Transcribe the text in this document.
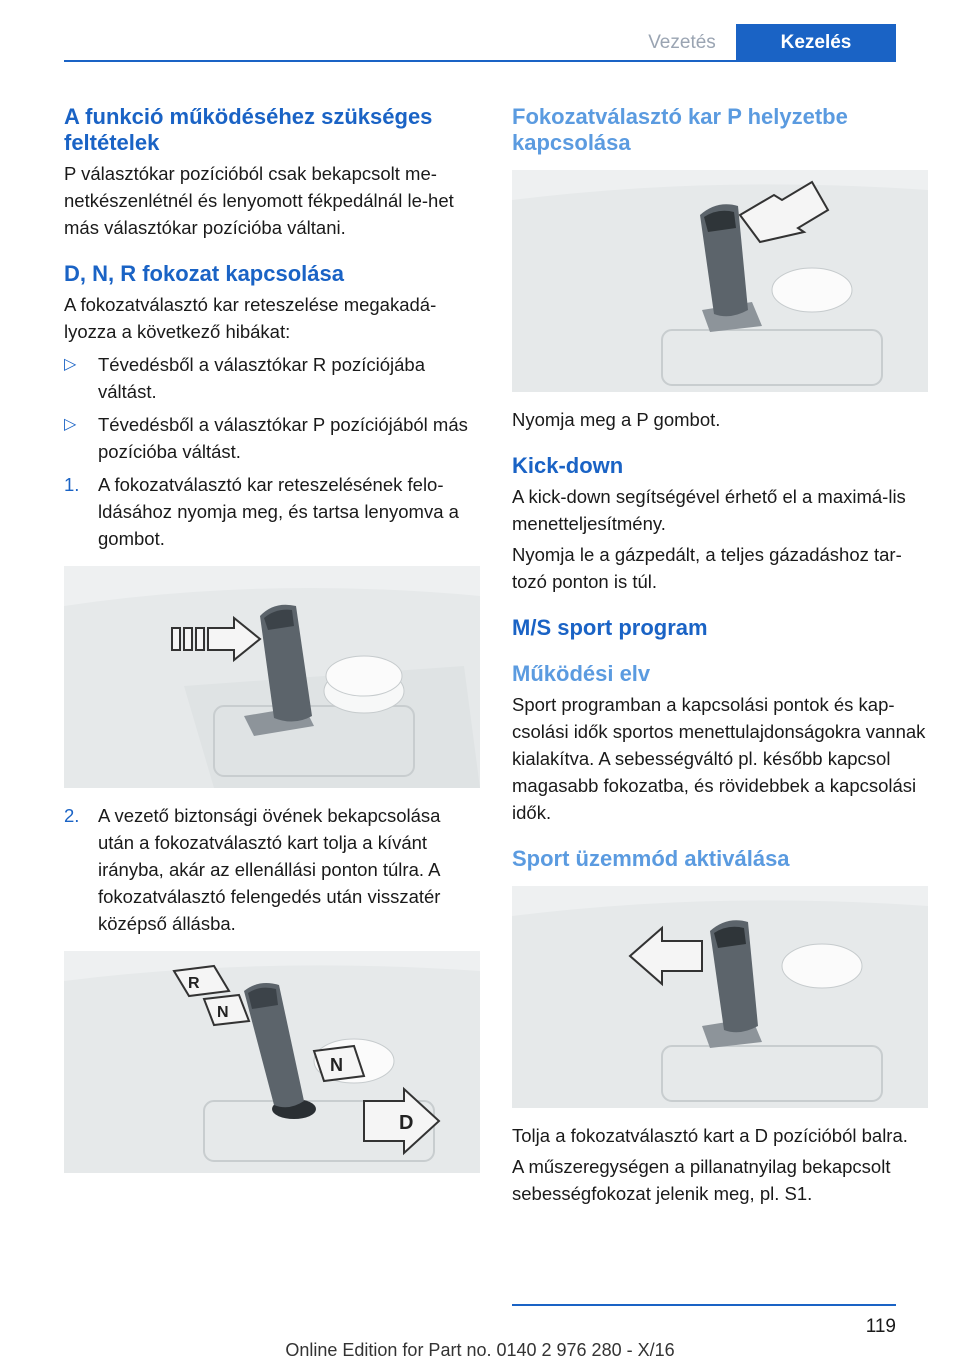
Vezetés	Kezelés
A funkció működéséhez szükséges feltételek

P választókar pozícióból csak bekapcsolt me-netkészenlétnél és lenyomott fékpedálnál le-het más választókar pozícióba váltani.

D, N, R fokozat kapcsolása

A fokozatválasztó kar reteszelése megakadá-lyozza a következő hibákat:

▷ Tévedésből a választókar R pozíciójába váltást.
▷ Tévedésből a választókar P pozíciójából más pozícióba váltást.
1. A fokozatválasztó kar reteszelésének felo-ldásához nyomja meg, és tartsa lenyomva a gombot.
2. A vezető biztonsági övének bekapcsolása után a fokozatválasztó kart tolja a kívánt irányba, akár az ellenállási ponton túlra. A fokozatválasztó felengedés után visszatér középső állásba.
R
N
N
D
Fokozatválasztó kar P helyzetbe kapcsolása

Nyomja meg a P gombot.

Kick-down

A kick-down segítségével érhető el a maximá-lis menetteljesítmény.

Nyomja le a gázpedált, a teljes gázadáshoz tar-tozó ponton is túl.

M/S sport program
Működési elv

Sport programban a kapcsolási pontok és kap-csolási idők sportos menettulajdonságokra vannak kialakítva. A sebességváltó pl. később kapcsol magasabb fokozatba, és rövidebbek a kapcsolási idők.

Sport üzemmód aktiválása

Tolja a fokozatválasztó kart a D pozícióból balra.

A műszeregységen a pillanatnyilag bekapcsolt sebességfokozat jelenik meg, pl. S1.

119
Online Edition for Part no. 0140 2 976 280 - X/16
